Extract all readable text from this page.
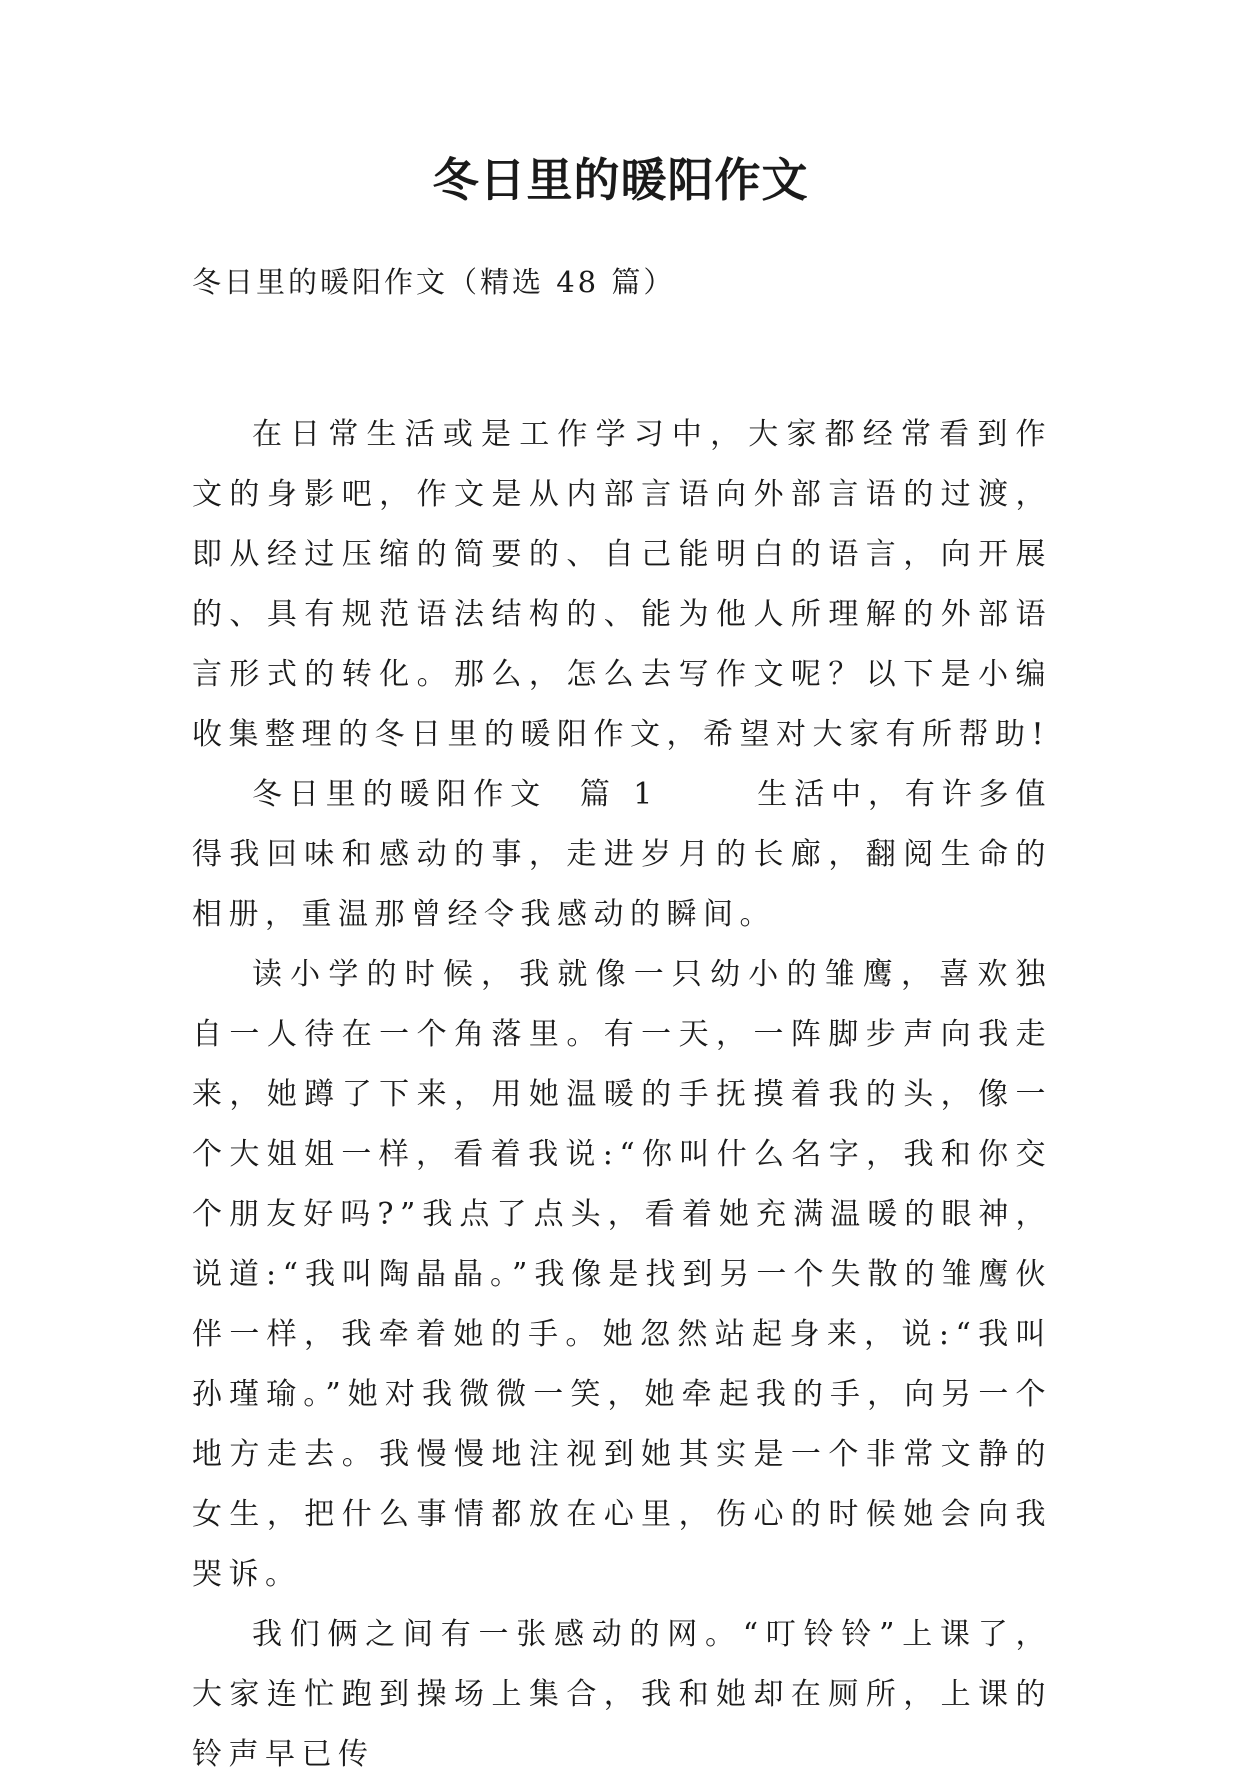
冬日里的暖阳作文
冬日里的暖阳作文（精选 48 篇）

在日常生活或是工作学习中，大家都经常看到作文的身影吧，作文是从内部言语向外部言语的过渡，即从经过压缩的简要的、自己能明白的语言，向开展的、具有规范语法结构的、能为他人所理解的外部语言形式的转化。那么，怎么去写作文呢？以下是小编收集整理的冬日里的暖阳作文，希望对大家有所帮助!

冬日里的暖阳作文  篇 1      生活中，有许多值得我回味和感动的事，走进岁月的长廊，翻阅生命的相册，重温那曾经令我感动的瞬间。

读小学的时候，我就像一只幼小的雏鹰，喜欢独自一人待在一个角落里。有一天，一阵脚步声向我走来，她蹲了下来，用她温暖的手抚摸着我的头，像一个大姐姐一样，看着我说:“你叫什么名字，我和你交个朋友好吗?”我点了点头，看着她充满温暖的眼神，说道:“我叫陶晶晶。”我像是找到另一个失散的雏鹰伙伴一样，我牵着她的手。她忽然站起身来，说:“我叫孙瑾瑜。”她对我微微一笑，她牵起我的手，向另一个地方走去。我慢慢地注视到她其实是一个非常文静的女生，把什么事情都放在心里，伤心的时候她会向我哭诉。

我们俩之间有一张感动的网。“叮铃铃”上课了，大家连忙跑到操场上集合，我和她却在厕所，上课的铃声早已传
